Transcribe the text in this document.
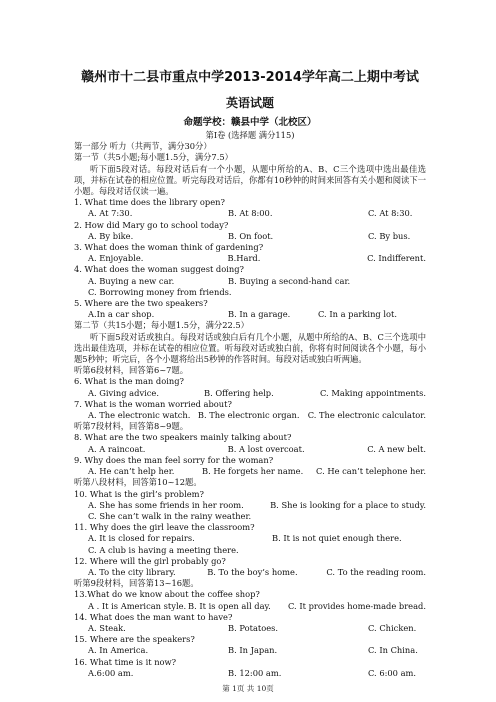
赣州市十二县市重点中学2013-2014学年高二上期中考试

英语试题

命题学校：赣县中学（北校区）

第Ⅰ卷 (选择题 满分115)

第一部分 听力（共两节，满分30分）

第一节（共5小题;每小题1.5分，满分7.5）

听下面5段对话。每段对话后有一个小题，从题中所给的A、B、C三个选项中选出最佳选项，并标在试卷的相应位置。听完每段对话后，你都有10秒钟的时间来回答有关小题和阅读下一小题。每段对话仅读一遍。

1. What time does the library open?

A. At 7:30.	B. At 8:00.	C. At 8:30.

2. How did Mary go to school today?

A. By bike.	B. On foot.	C. By bus.

3. What does the woman think of gardening?

A. Enjoyable.	B.Hard.	C. Indifferent.

4. What does the woman suggest doing?

A. Buying a new car.	B. Buying a second-hand car.

C. Borrowing money from friends.

5. Where are the two speakers?

A.In a car shop.	B. In a garage.	C. In a parking lot.

第二节（共15小题；每小题1.5分，满分22.5）

听下面5段对话或独白。每段对话或独白后有几个小题，从题中所给的A、B、C三个选项中选出最佳选项，并标在试卷的相应位置。听每段对话或独白前，你将有时间阅读各个小题，每小题5秒钟；听完后，各个小题将给出5秒钟的作答时间。每段对话或独白听两遍。

听第6段材料，回答第6~7题。

6. What is the man doing?

A. Giving advice.	B. Offering help.	C. Making appointments.

7. What is the woman worried about?

A. The electronic watch. B. The electronic organ. C. The electronic calculator.

听第7段材料，回答第8~9题。

8. What are the two speakers mainly talking about?

A. A raincoat.	B. A lost overcoat.	C. A new belt.

9. Why does the man feel sorry for the woman?

A. He can’t help her.	B. He forgets her name.	C. He can’t telephone her.

听第八段材料，回答第10~12题。

10. What is the girl’s problem?

A. She has some friends in her room.	B. She is looking for a place to study.

C. She can’t walk in the rainy weather.

11. Why does the girl leave the classroom?

A. It is closed for repairs.	B. It is not quiet enough there.

C. A club is having a meeting there.

12. Where will the girl probably go?

A. To the city library.	B. To the boy’s home.	C. To the reading room.

听第9段材料，回答第13~16题。

13.What do we know about the coffee shop?

A . It is American style. B. It is open all day.	C. It provides home-made bread.

14. What does the man want to have?

A. Steak.	B. Potatoes.	C. Chicken.

15. Where are the speakers?

A. In America.	B. In Japan.	C. In China.

16. What time is it now?

A.6:00 am.	B. 12:00 am.	C. 6:00 am.
第 1页 共 10页
